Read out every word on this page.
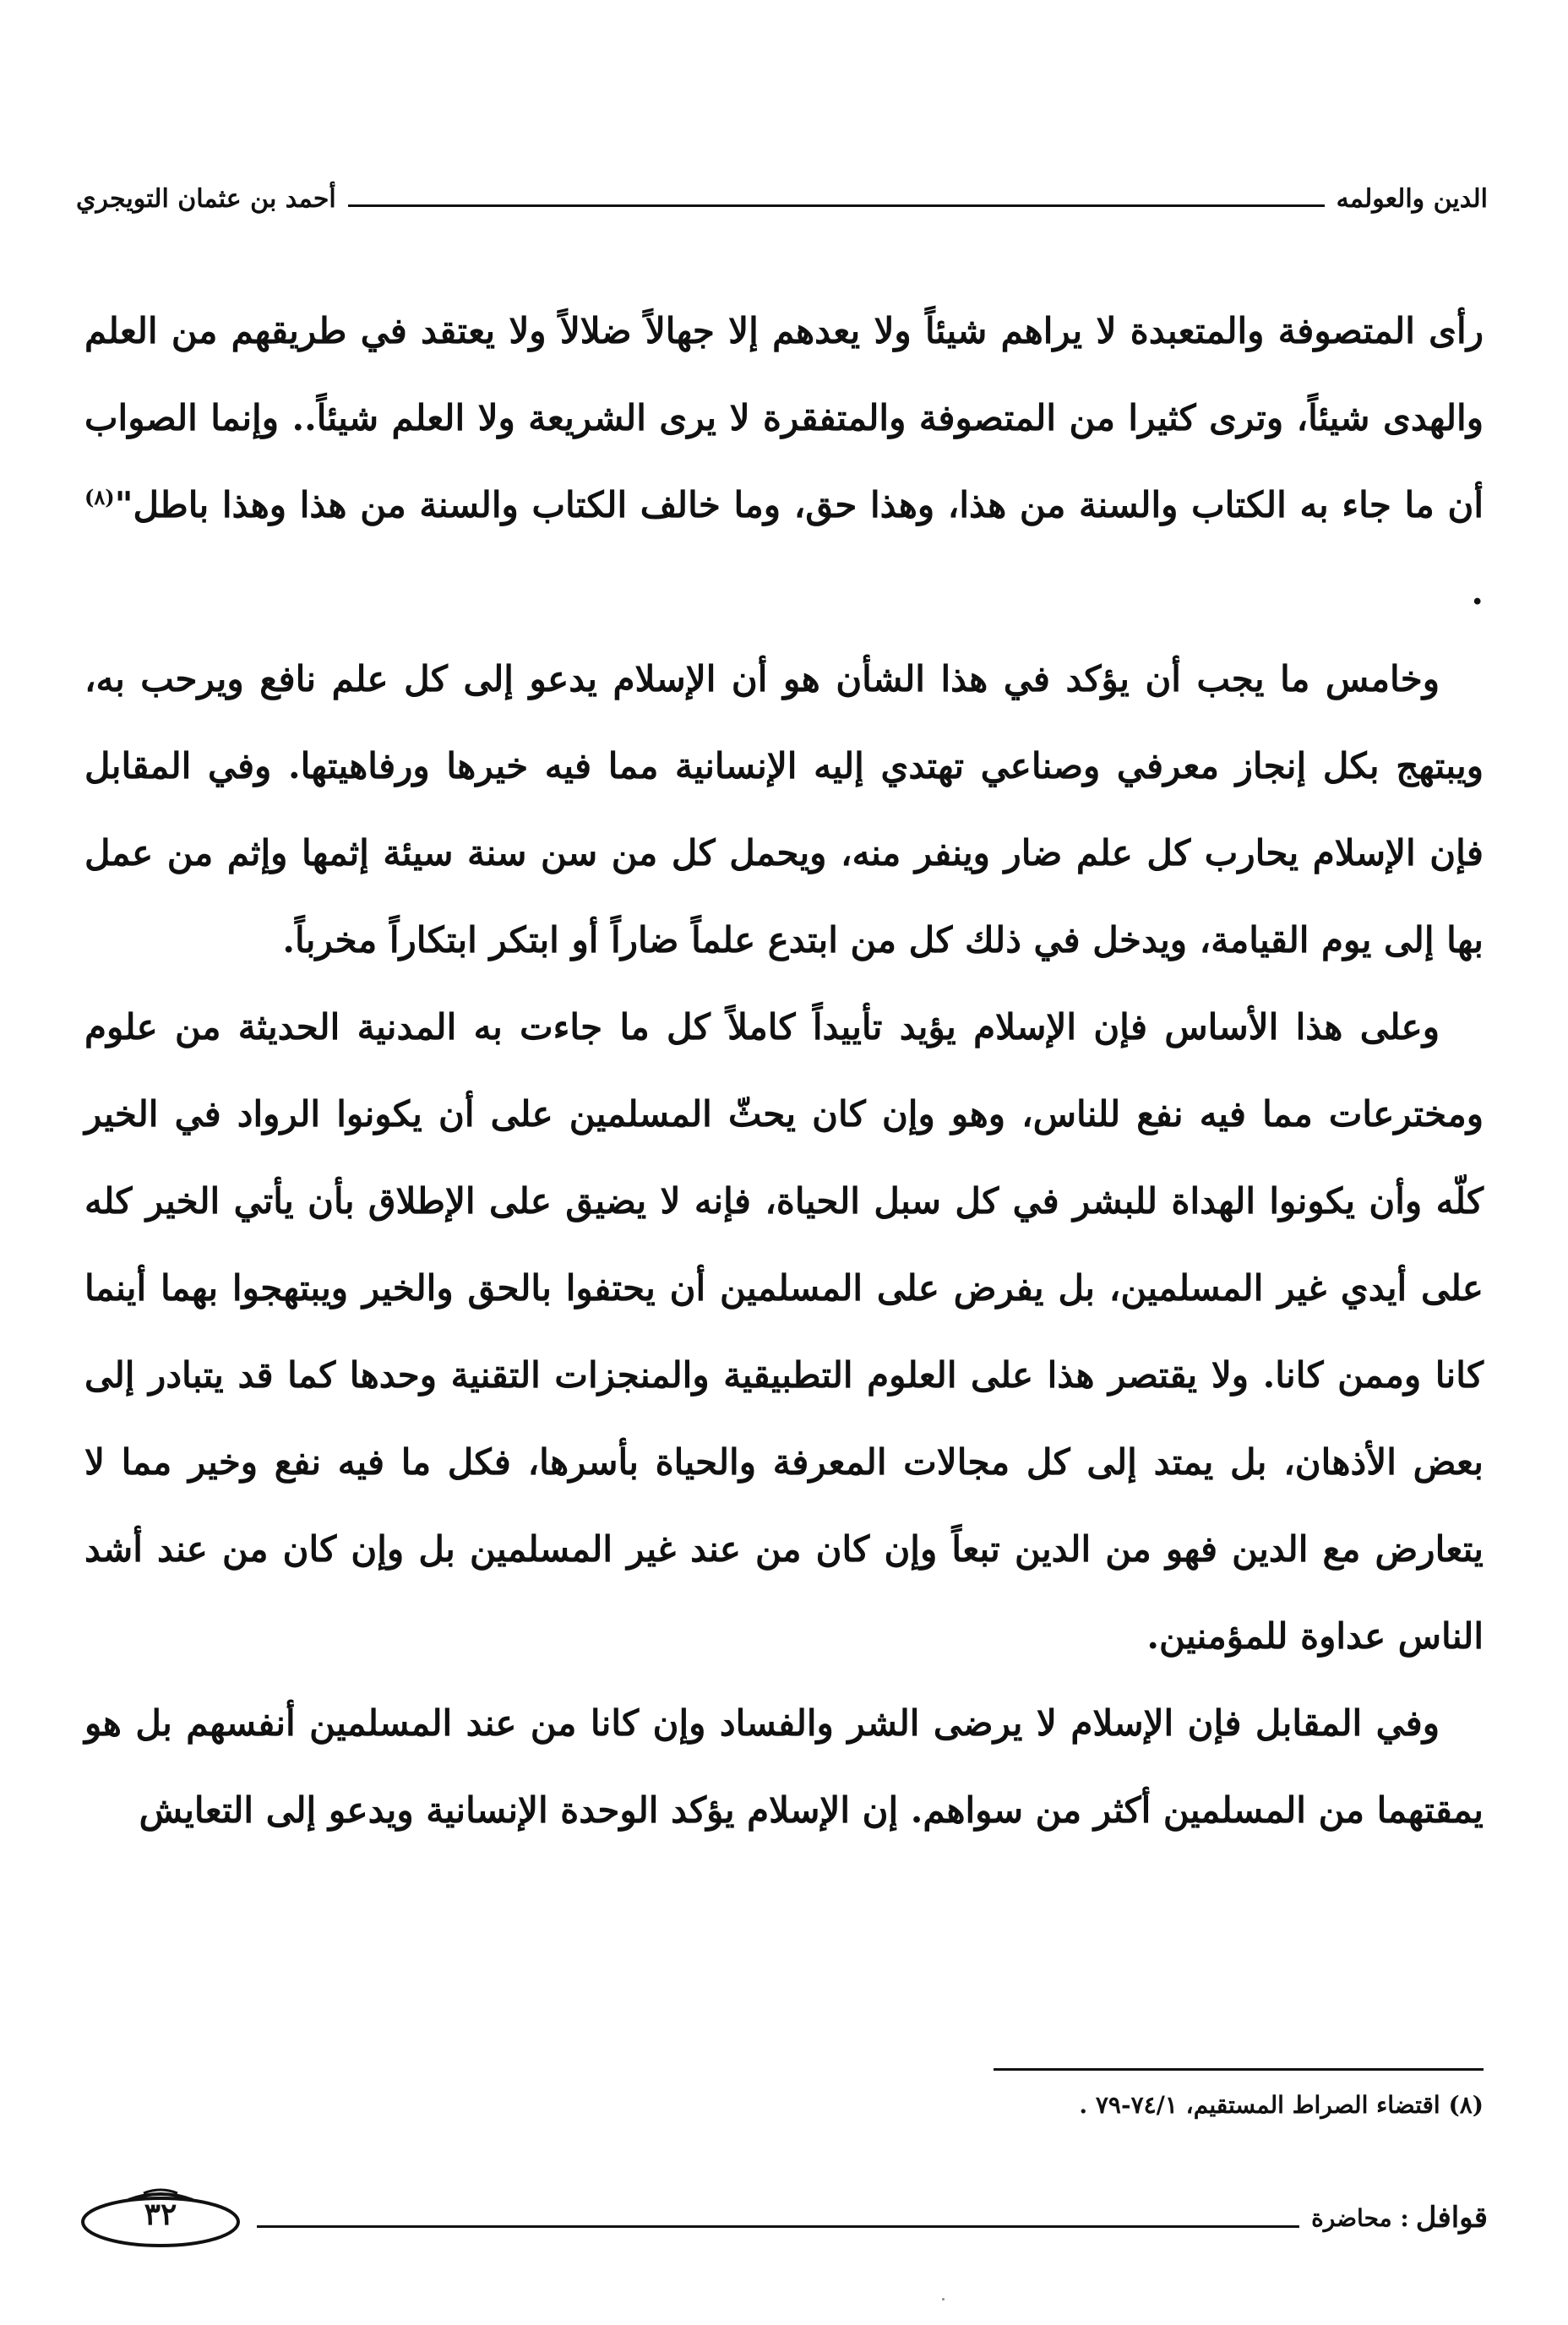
الدين والعولمه
أحمد بن عثمان التويجري

رأى المتصوفة والمتعبدة لا يراهم شيئاً ولا يعدهم إلا جهالاً ضلالاً ولا يعتقد في طريقهم من العلم والهدى شيئاً، وترى كثيرا من المتصوفة والمتفقرة لا يرى الشريعة ولا العلم شيئاً.. وإنما الصواب أن ما جاء به الكتاب والسنة من هذا، وهذا حق، وما خالف الكتاب والسنة من هذا وهذا باطل"$^{(٨)}$ .

وخامس ما يجب أن يؤكد في هذا الشأن هو أن الإسلام يدعو إلى كل علم نافع ويرحب به، ويبتهج بكل إنجاز معرفي وصناعي تهتدي إليه الإنسانية مما فيه خيرها ورفاهيتها. وفي المقابل فإن الإسلام يحارب كل علم ضار وينفر منه، ويحمل كل من سن سنة سيئة إثمها وإثم من عمل بها إلى يوم القيامة، ويدخل في ذلك كل من ابتدع علماً ضاراً أو ابتكر ابتكاراً مخرباً.

وعلى هذا الأساس فإن الإسلام يؤيد تأييداً كاملاً كل ما جاءت به المدنية الحديثة من علوم ومخترعات مما فيه نفع للناس، وهو وإن كان يحثّ المسلمين على أن يكونوا الرواد في الخير كلّه وأن يكونوا الهداة للبشر في كل سبل الحياة، فإنه لا يضيق على الإطلاق بأن يأتي الخير كله على أيدي غير المسلمين، بل يفرض على المسلمين أن يحتفوا بالحق والخير ويبتهجوا بهما أينما كانا وممن كانا. ولا يقتصر هذا على العلوم التطبيقية والمنجزات التقنية وحدها كما قد يتبادر إلى بعض الأذهان، بل يمتد إلى كل مجالات المعرفة والحياة بأسرها، فكل ما فيه نفع وخير مما لا يتعارض مع الدين فهو من الدين تبعاً وإن كان من عند غير المسلمين بل وإن كان من عند أشد الناس عداوة للمؤمنين.

وفي المقابل فإن الإسلام لا يرضى الشر والفساد وإن كانا من عند المسلمين أنفسهم بل هو يمقتهما من المسلمين أكثر من سواهم. إن الإسلام يؤكد الوحدة الإنسانية ويدعو إلى التعايش

(٨) اقتضاء الصراط المستقيم، ٧٤/١-٧٩ .
قوافل
: محاضرة
٣٢
